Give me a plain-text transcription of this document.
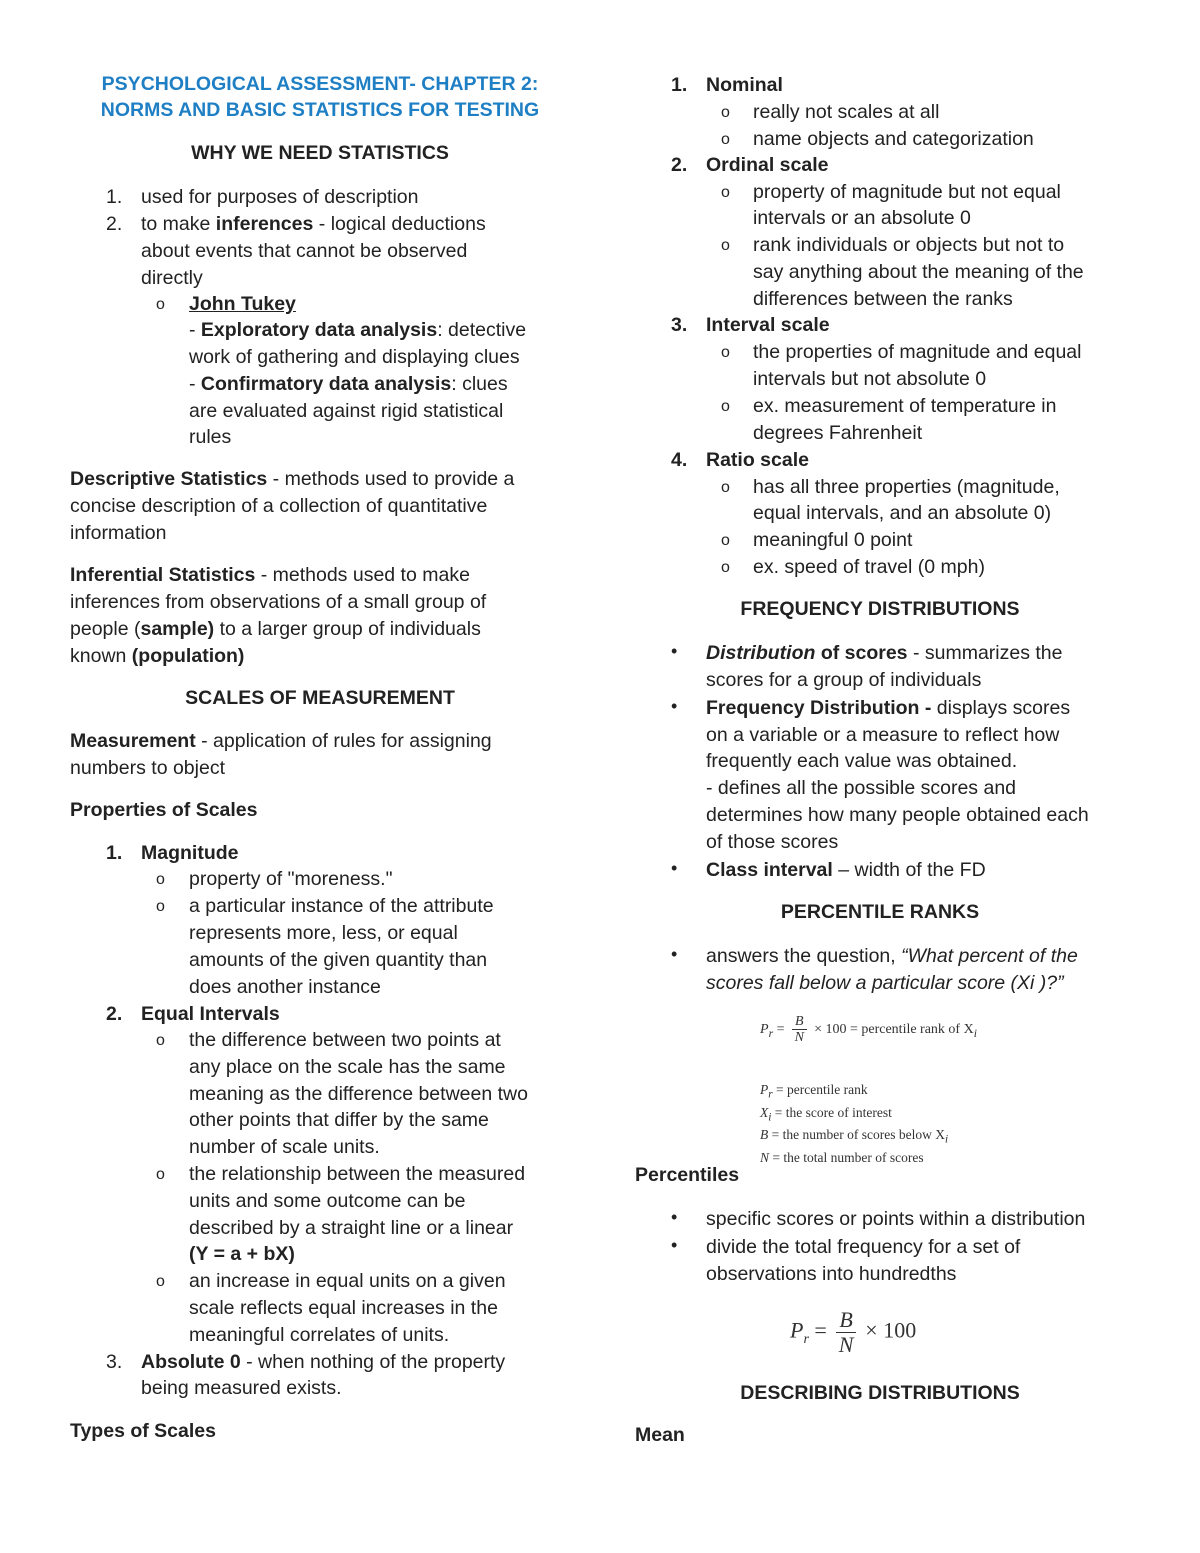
PSYCHOLOGICAL ASSESSMENT- CHAPTER 2:
NORMS AND BASIC STATISTICS FOR TESTING
WHY WE NEED STATISTICS
1. used for purposes of description
2. to make inferences - logical deductions
about events that cannot be observed
directly
o John Tukey
- Exploratory data analysis: detective
work of gathering and displaying clues
- Confirmatory data analysis: clues
are evaluated against rigid statistical
rules
Descriptive Statistics - methods used to provide a
concise description of a collection of quantitative
information
Inferential Statistics - methods used to make
inferences from observations of a small group of
people (sample) to a larger group of individuals
known (population)
SCALES OF MEASUREMENT
Measurement - application of rules for assigning
numbers to object
Properties of Scales
1. Magnitude
o property of "moreness."
o a particular instance of the attribute
represents more, less, or equal
amounts of the given quantity than
does another instance
2. Equal Intervals
o the difference between two points at
any place on the scale has the same
meaning as the difference between two
other points that differ by the same
number of scale units.
o the relationship between the measured
units and some outcome can be
described by a straight line or a linear
(Y = a + bX)
o an increase in equal units on a given
scale reflects equal increases in the
meaningful correlates of units.
3. Absolute 0 - when nothing of the property
being measured exists.
Types of Scales
1. Nominal
o really not scales at all
o name objects and categorization
2. Ordinal scale
o property of magnitude but not equal
intervals or an absolute 0
o rank individuals or objects but not to
say anything about the meaning of the
differences between the ranks
3. Interval scale
o the properties of magnitude and equal
intervals but not absolute 0
o ex. measurement of temperature in
degrees Fahrenheit
4. Ratio scale
o has all three properties (magnitude,
equal intervals, and an absolute 0)
o meaningful 0 point
o ex. speed of travel (0 mph)
FREQUENCY DISTRIBUTIONS
• Distribution of scores - summarizes the
scores for a group of individuals
• Frequency Distribution - displays scores
on a variable or a measure to reflect how
frequently each value was obtained.
- defines all the possible scores and
determines how many people obtained each
of those scores
• Class interval – width of the FD
PERCENTILE RANKS
• answers the question, “What percent of the
scores fall below a particular score (Xi )?”
$P_r = \frac{B}{N} \times 100$ = percentile rank of $X_i$
$P_r$ = percentile rank
$X_i$ = the score of interest
B = the number of scores below $X_i$
N = the total number of scores
Percentiles
• specific scores or points within a distribution
• divide the total frequency for a set of
observations into hundredths
$P_r = \frac{B}{N} \times 100$
DESCRIBING DISTRIBUTIONS
Mean
